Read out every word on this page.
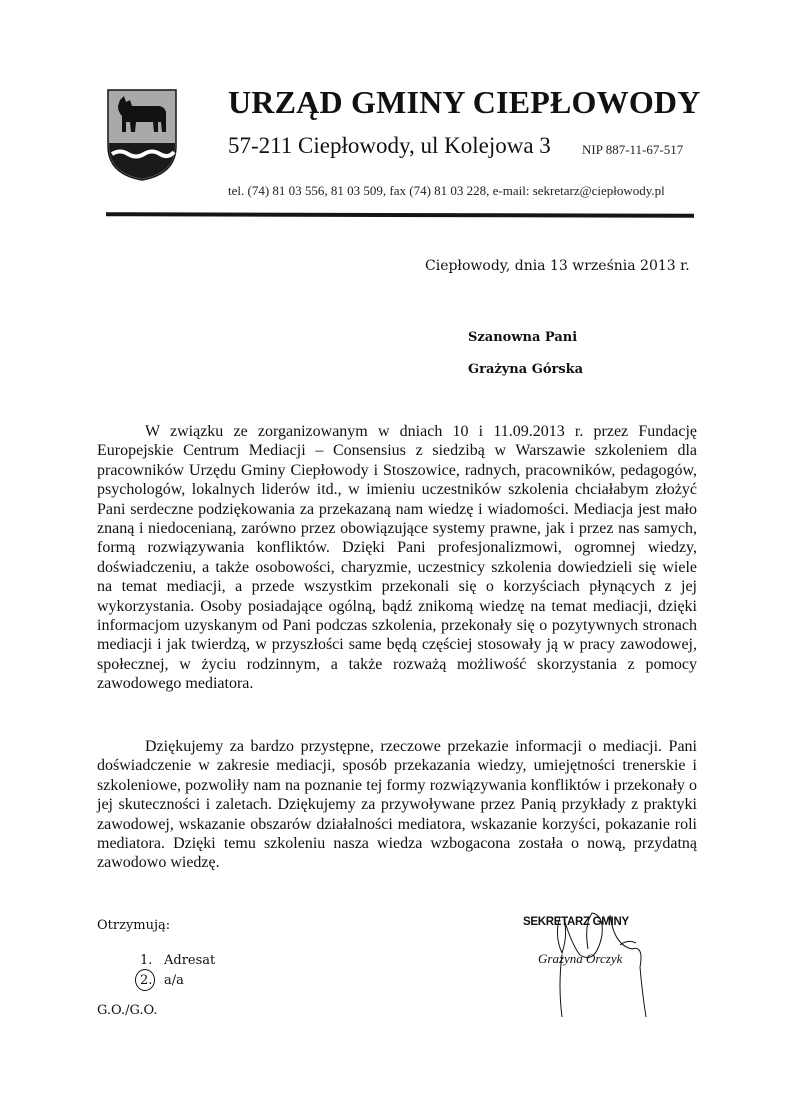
URZĄD GMINY CIEPŁOWODY
57-211 Ciepłowody, ul Kolejowa 3 NIP 887-11-67-517
tel. (74) 81 03 556, 81 03 509, fax (74) 81 03 228, e-mail: sekretarz@ciepłowody.pl
Ciepłowody, dnia 13 września 2013 r.
Szanowna Pani
Grażyna Górska

W związku ze zorganizowanym w dniach 10 i 11.09.2013 r. przez Fundację Europejskie Centrum Mediacji – Consensius z siedzibą w Warszawie szkoleniem dla pracowników Urzędu Gminy Ciepłowody i Stoszowice, radnych, pracowników, pedagogów, psychologów, lokalnych liderów itd., w imieniu uczestników szkolenia chciałabym złożyć Pani serdeczne podziękowania za przekazaną nam wiedzę i wiadomości. Mediacja jest mało znaną i niedocenianą, zarówno przez obowiązujące systemy prawne, jak i przez nas samych, formą rozwiązywania konfliktów. Dzięki Pani profesjonalizmowi, ogromnej wiedzy, doświadczeniu, a także osobowości, charyzmie, uczestnicy szkolenia dowiedzieli się wiele na temat mediacji, a przede wszystkim przekonali się o korzyściach płynących z jej wykorzystania. Osoby posiadające ogólną, bądź znikomą wiedzę na temat mediacji, dzięki informacjom uzyskanym od Pani podczas szkolenia, przekonały się o pozytywnych stronach mediacji i jak twierdzą, w przyszłości same będą częściej stosowały ją w pracy zawodowej, społecznej, w życiu rodzinnym, a także rozważą możliwość skorzystania z pomocy zawodowego mediatora.

Dziękujemy za bardzo przystępne, rzeczowe przekazie informacji o mediacji. Pani doświadczenie w zakresie mediacji, sposób przekazania wiedzy, umiejętności trenerskie i szkoleniowe, pozwoliły nam na poznanie tej formy rozwiązywania konfliktów i przekonały o jej skuteczności i zaletach. Dziękujemy za przywoływane przez Panią przykłady z praktyki zawodowej, wskazanie obszarów działalności mediatora, wskazanie korzyści, pokazanie roli mediatora. Dzięki temu szkoleniu nasza wiedza wzbogacona została o nową, przydatną zawodowo wiedzę.

Otrzymują:
1. Adresat
2. a/a
G.O./G.O.
SEKRETARZ GMINY
Grażyna Orczyk
